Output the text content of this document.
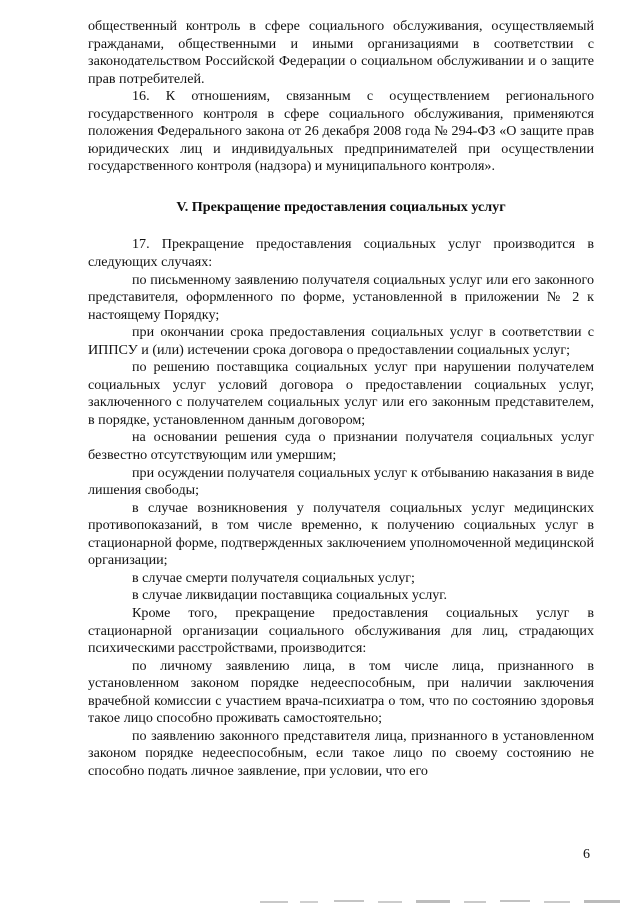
общественный контроль в сфере социального обслуживания, осуществляемый гражданами, общественными и иными организациями в соответствии с законодательством Российской Федерации о социальном обслуживании и о защите прав потребителей.

16. К отношениям, связанным с осуществлением регионального государственного контроля в сфере социального обслуживания, применяются положения Федерального закона от 26 декабря 2008 года № 294-ФЗ «О защите прав юридических лиц и индивидуальных предпринимателей при осуществлении государственного контроля (надзора) и муниципального контроля».

V. Прекращение предоставления социальных услуг

17. Прекращение предоставления социальных услуг производится в следующих случаях:

по письменному заявлению получателя социальных услуг или его законного представителя, оформленного по форме, установленной в приложении № 2 к настоящему Порядку;

при окончании срока предоставления социальных услуг в соответствии с ИППСУ и (или) истечении срока договора о предоставлении социальных услуг;

по решению поставщика социальных услуг при нарушении получателем социальных услуг условий договора о предоставлении социальных услуг, заключенного с получателем социальных услуг или его законным представителем, в порядке, установленном данным договором;

на основании решения суда о признании получателя социальных услуг безвестно отсутствующим или умершим;

при осуждении получателя социальных услуг к отбыванию наказания в виде лишения свободы;

в случае возникновения у получателя социальных услуг медицинских противопоказаний, в том числе временно, к получению социальных услуг в стационарной форме, подтвержденных заключением уполномоченной медицинской организации;

в случае смерти получателя социальных услуг;

в случае ликвидации поставщика социальных услуг.

Кроме того, прекращение предоставления социальных услуг в стационарной организации социального обслуживания для лиц, страдающих психическими расстройствами, производится:

по личному заявлению лица, в том числе лица, признанного в установленном законом порядке недееспособным, при наличии заключения врачебной комиссии с участием врача-психиатра о том, что по состоянию здоровья такое лицо способно проживать самостоятельно;

по заявлению законного представителя лица, признанного в установленном законом порядке недееспособным, если такое лицо по своему состоянию не способно подать личное заявление, при условии, что его

6
